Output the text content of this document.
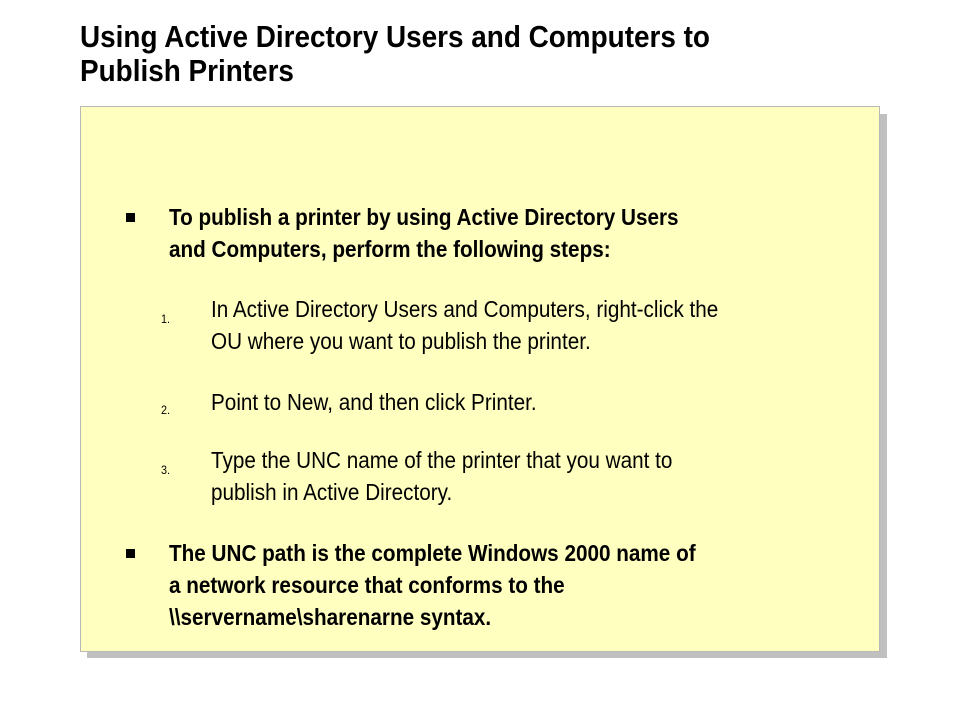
Using Active Directory Users and Computers to
Publish Printers
To publish a printer by using Active Directory Users
and Computers, perform the following steps:
1. In Active Directory Users and Computers, right-click the
OU where you want to publish the printer.
2. Point to New, and then click Printer.
3. Type the UNC name of the printer that you want to
publish in Active Directory.
The UNC path is the complete Windows 2000 name of
a network resource that conforms to the
\\servername\sharenarne syntax.
